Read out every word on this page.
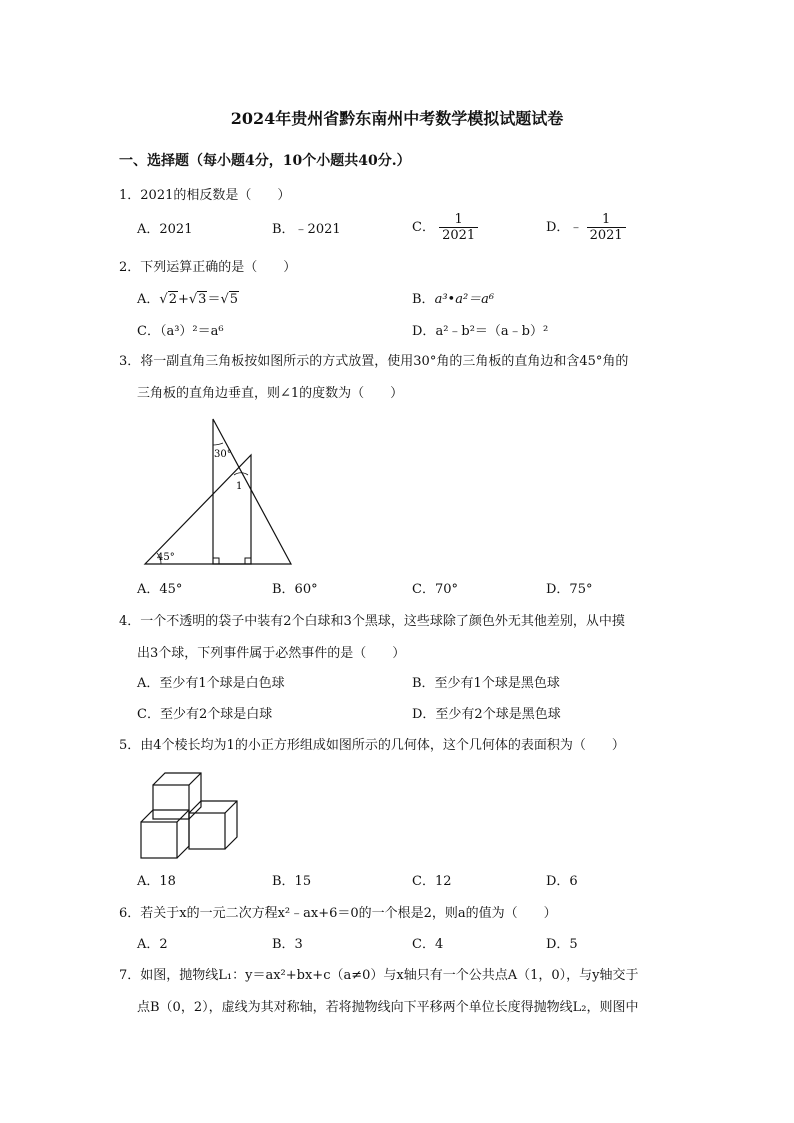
2024年贵州省黔东南州中考数学模拟试题试卷
一、选择题（每小题4分，10个小题共40分.）
1．2021的相反数是（　　）
A．2021	B．﹣2021	C． $\frac{1}{2021}$	D．﹣ $\frac{1}{2021}$
2．下列运算正确的是（　　）
A．√2+√3＝√5	B．a³•a²＝a⁶
C．（a³）²＝a⁶	D．a²﹣b²＝（a﹣b）²
3．将一副直角三角板按如图所示的方式放置，使用30°角的三角板的直角边和含45°角的
三角板的直角边垂直，则∠1的度数为（　　）
30°
1
45°
A．45°	B．60°	C．70°	D．75°
4．一个不透明的袋子中装有2个白球和3个黑球，这些球除了颜色外无其他差别，从中摸
出3个球，下列事件属于必然事件的是（　　）
A．至少有1个球是白色球	B．至少有1个球是黑色球
C．至少有2个球是白球	D．至少有2个球是黑色球
5．由4个棱长均为1的小正方形组成如图所示的几何体，这个几何体的表面积为（　　）
A．18	B．15	C．12	D．6
6．若关于x的一元二次方程x²﹣ax+6＝0的一个根是2，则a的值为（　　）
A．2	B．3	C．4	D．5
7．如图，抛物线L₁：y＝ax²+bx+c（a≠0）与x轴只有一个公共点A（1，0），与y轴交于
点B（0，2），虚线为其对称轴，若将抛物线向下平移两个单位长度得抛物线L₂，则图中
